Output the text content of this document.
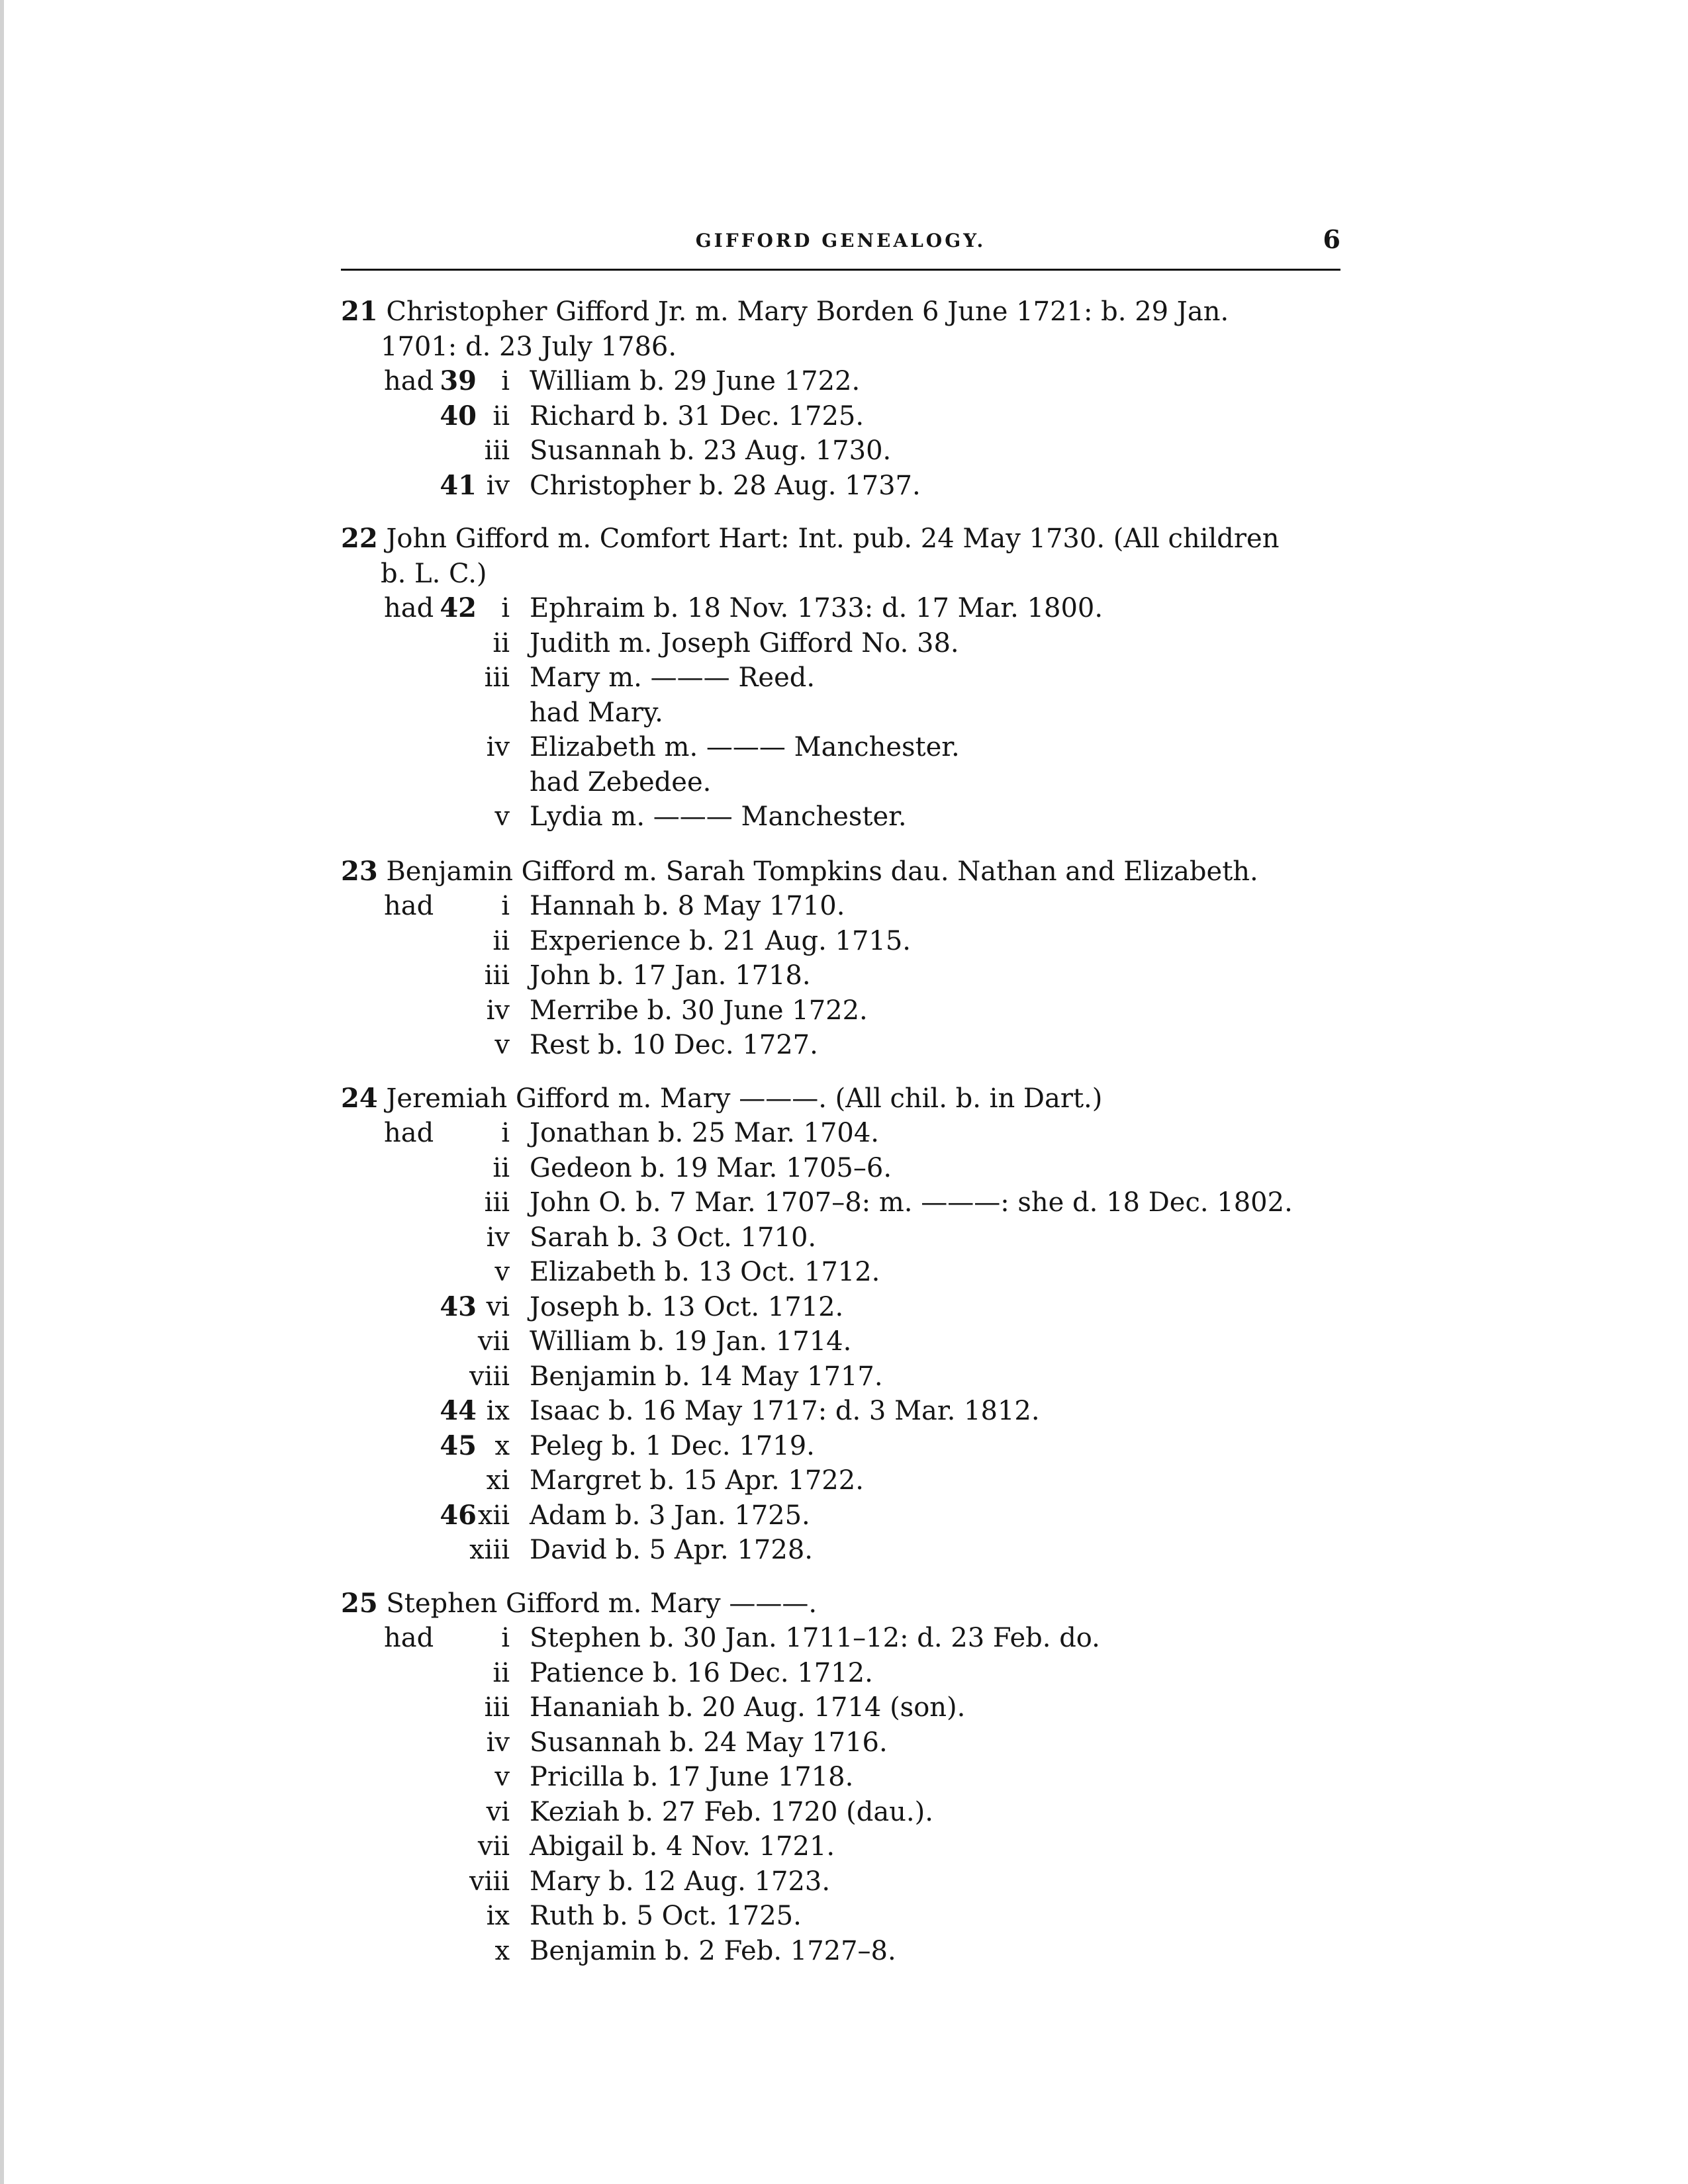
GIFFORD GENEALOGY.	6
21 Christopher Gifford Jr. m. Mary Borden 6 June 1721: b. 29 Jan.
1701: d. 23 July 1786.
had 39 i William b. 29 June 1722.
40 ii Richard b. 31 Dec. 1725.
iii Susannah b. 23 Aug. 1730.
41 iv Christopher b. 28 Aug. 1737.
22 John Gifford m. Comfort Hart: Int. pub. 24 May 1730. (All children
b. L. C.)
had 42 i Ephraim b. 18 Nov. 1733: d. 17 Mar. 1800.
ii Judith m. Joseph Gifford No. 38.
iii Mary m. ——— Reed.
had Mary.
iv Elizabeth m. ——— Manchester.
had Zebedee.
v Lydia m. ——— Manchester.
23 Benjamin Gifford m. Sarah Tompkins dau. Nathan and Elizabeth.
had	i Hannah b. 8 May 1710.
ii Experience b. 21 Aug. 1715.
iii John b. 17 Jan. 1718.
iv Merribe b. 30 June 1722.
v Rest b. 10 Dec. 1727.
24 Jeremiah Gifford m. Mary ———. (All chil. b. in Dart.)
had	i Jonathan b. 25 Mar. 1704.
ii Gedeon b. 19 Mar. 1705–6.
iii John O. b. 7 Mar. 1707–8: m. ———: she d. 18 Dec. 1802.
iv Sarah b. 3 Oct. 1710.
v Elizabeth b. 13 Oct. 1712.
43 vi Joseph b. 13 Oct. 1712.
vii William b. 19 Jan. 1714.
viii Benjamin b. 14 May 1717.
44 ix Isaac b. 16 May 1717: d. 3 Mar. 1812.
45 x Peleg b. 1 Dec. 1719.
xi Margret b. 15 Apr. 1722.
46 xii Adam b. 3 Jan. 1725.
xiii David b. 5 Apr. 1728.
25 Stephen Gifford m. Mary ———.
had	i Stephen b. 30 Jan. 1711–12: d. 23 Feb. do.
ii Patience b. 16 Dec. 1712.
iii Hananiah b. 20 Aug. 1714 (son).
iv Susannah b. 24 May 1716.
v Pricilla b. 17 June 1718.
vi Keziah b. 27 Feb. 1720 (dau.).
vii Abigail b. 4 Nov. 1721.
viii Mary b. 12 Aug. 1723.
ix Ruth b. 5 Oct. 1725.
x Benjamin b. 2 Feb. 1727–8.
